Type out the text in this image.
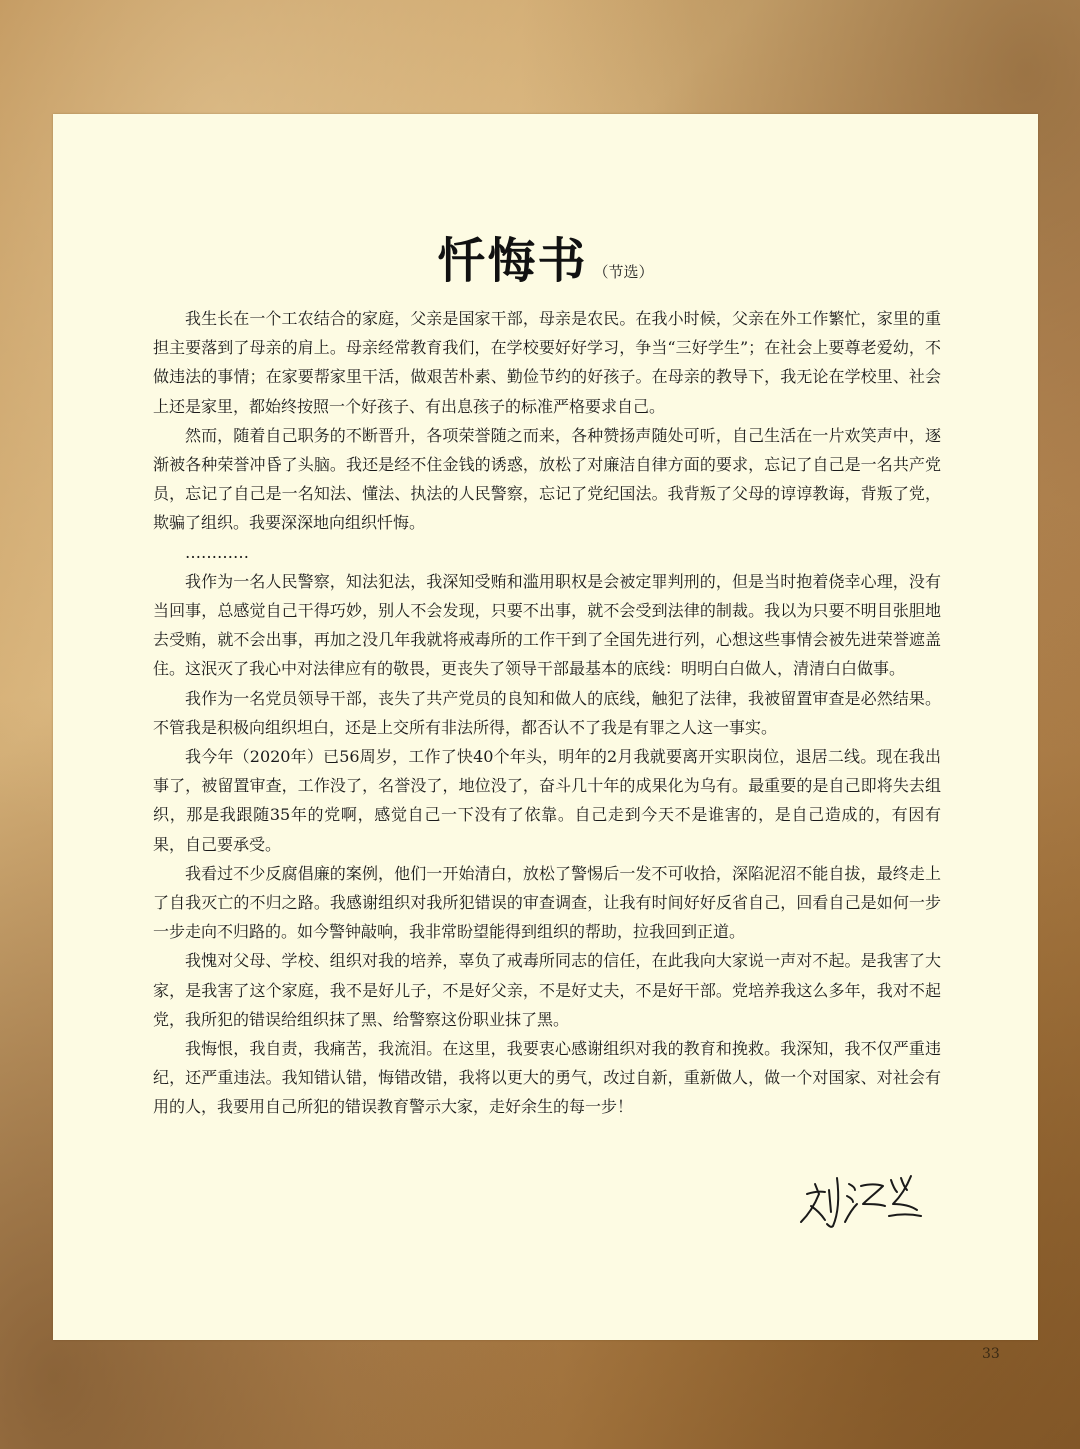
忏悔书 （节选）

我生长在一个工农结合的家庭，父亲是国家干部，母亲是农民。在我小时候，父亲在外工作繁忙，家里的重担主要落到了母亲的肩上。母亲经常教育我们，在学校要好好学习，争当“三好学生”；在社会上要尊老爱幼，不做违法的事情；在家要帮家里干活，做艰苦朴素、勤俭节约的好孩子。在母亲的教导下，我无论在学校里、社会上还是家里，都始终按照一个好孩子、有出息孩子的标准严格要求自己。

然而，随着自己职务的不断晋升，各项荣誉随之而来，各种赞扬声随处可听，自己生活在一片欢笑声中，逐渐被各种荣誉冲昏了头脑。我还是经不住金钱的诱惑，放松了对廉洁自律方面的要求，忘记了自己是一名共产党员，忘记了自己是一名知法、懂法、执法的人民警察，忘记了党纪国法。我背叛了父母的谆谆教诲，背叛了党，欺骗了组织。我要深深地向组织忏悔。

…………

我作为一名人民警察，知法犯法，我深知受贿和滥用职权是会被定罪判刑的，但是当时抱着侥幸心理，没有当回事，总感觉自己干得巧妙，别人不会发现，只要不出事，就不会受到法律的制裁。我以为只要不明目张胆地去受贿，就不会出事，再加之没几年我就将戒毒所的工作干到了全国先进行列，心想这些事情会被先进荣誉遮盖住。这泯灭了我心中对法律应有的敬畏，更丧失了领导干部最基本的底线：明明白白做人，清清白白做事。

我作为一名党员领导干部，丧失了共产党员的良知和做人的底线，触犯了法律，我被留置审查是必然结果。不管我是积极向组织坦白，还是上交所有非法所得，都否认不了我是有罪之人这一事实。

我今年（2020年）已56周岁，工作了快40个年头，明年的2月我就要离开实职岗位，退居二线。现在我出事了，被留置审查，工作没了，名誉没了，地位没了，奋斗几十年的成果化为乌有。最重要的是自己即将失去组织，那是我跟随35年的党啊，感觉自己一下没有了依靠。自己走到今天不是谁害的，是自己造成的，有因有果，自己要承受。

我看过不少反腐倡廉的案例，他们一开始清白，放松了警惕后一发不可收拾，深陷泥沼不能自拔，最终走上了自我灭亡的不归之路。我感谢组织对我所犯错误的审查调查，让我有时间好好反省自己，回看自己是如何一步一步走向不归路的。如今警钟敲响，我非常盼望能得到组织的帮助，拉我回到正道。

我愧对父母、学校、组织对我的培养，辜负了戒毒所同志的信任，在此我向大家说一声对不起。是我害了大家，是我害了这个家庭，我不是好儿子，不是好父亲，不是好丈夫，不是好干部。党培养我这么多年，我对不起党，我所犯的错误给组织抹了黑、给警察这份职业抹了黑。

我悔恨，我自责，我痛苦，我流泪。在这里，我要衷心感谢组织对我的教育和挽救。我深知，我不仅严重违纪，还严重违法。我知错认错，悔错改错，我将以更大的勇气，改过自新，重新做人，做一个对国家、对社会有用的人，我要用自己所犯的错误教育警示大家，走好余生的每一步！

33
